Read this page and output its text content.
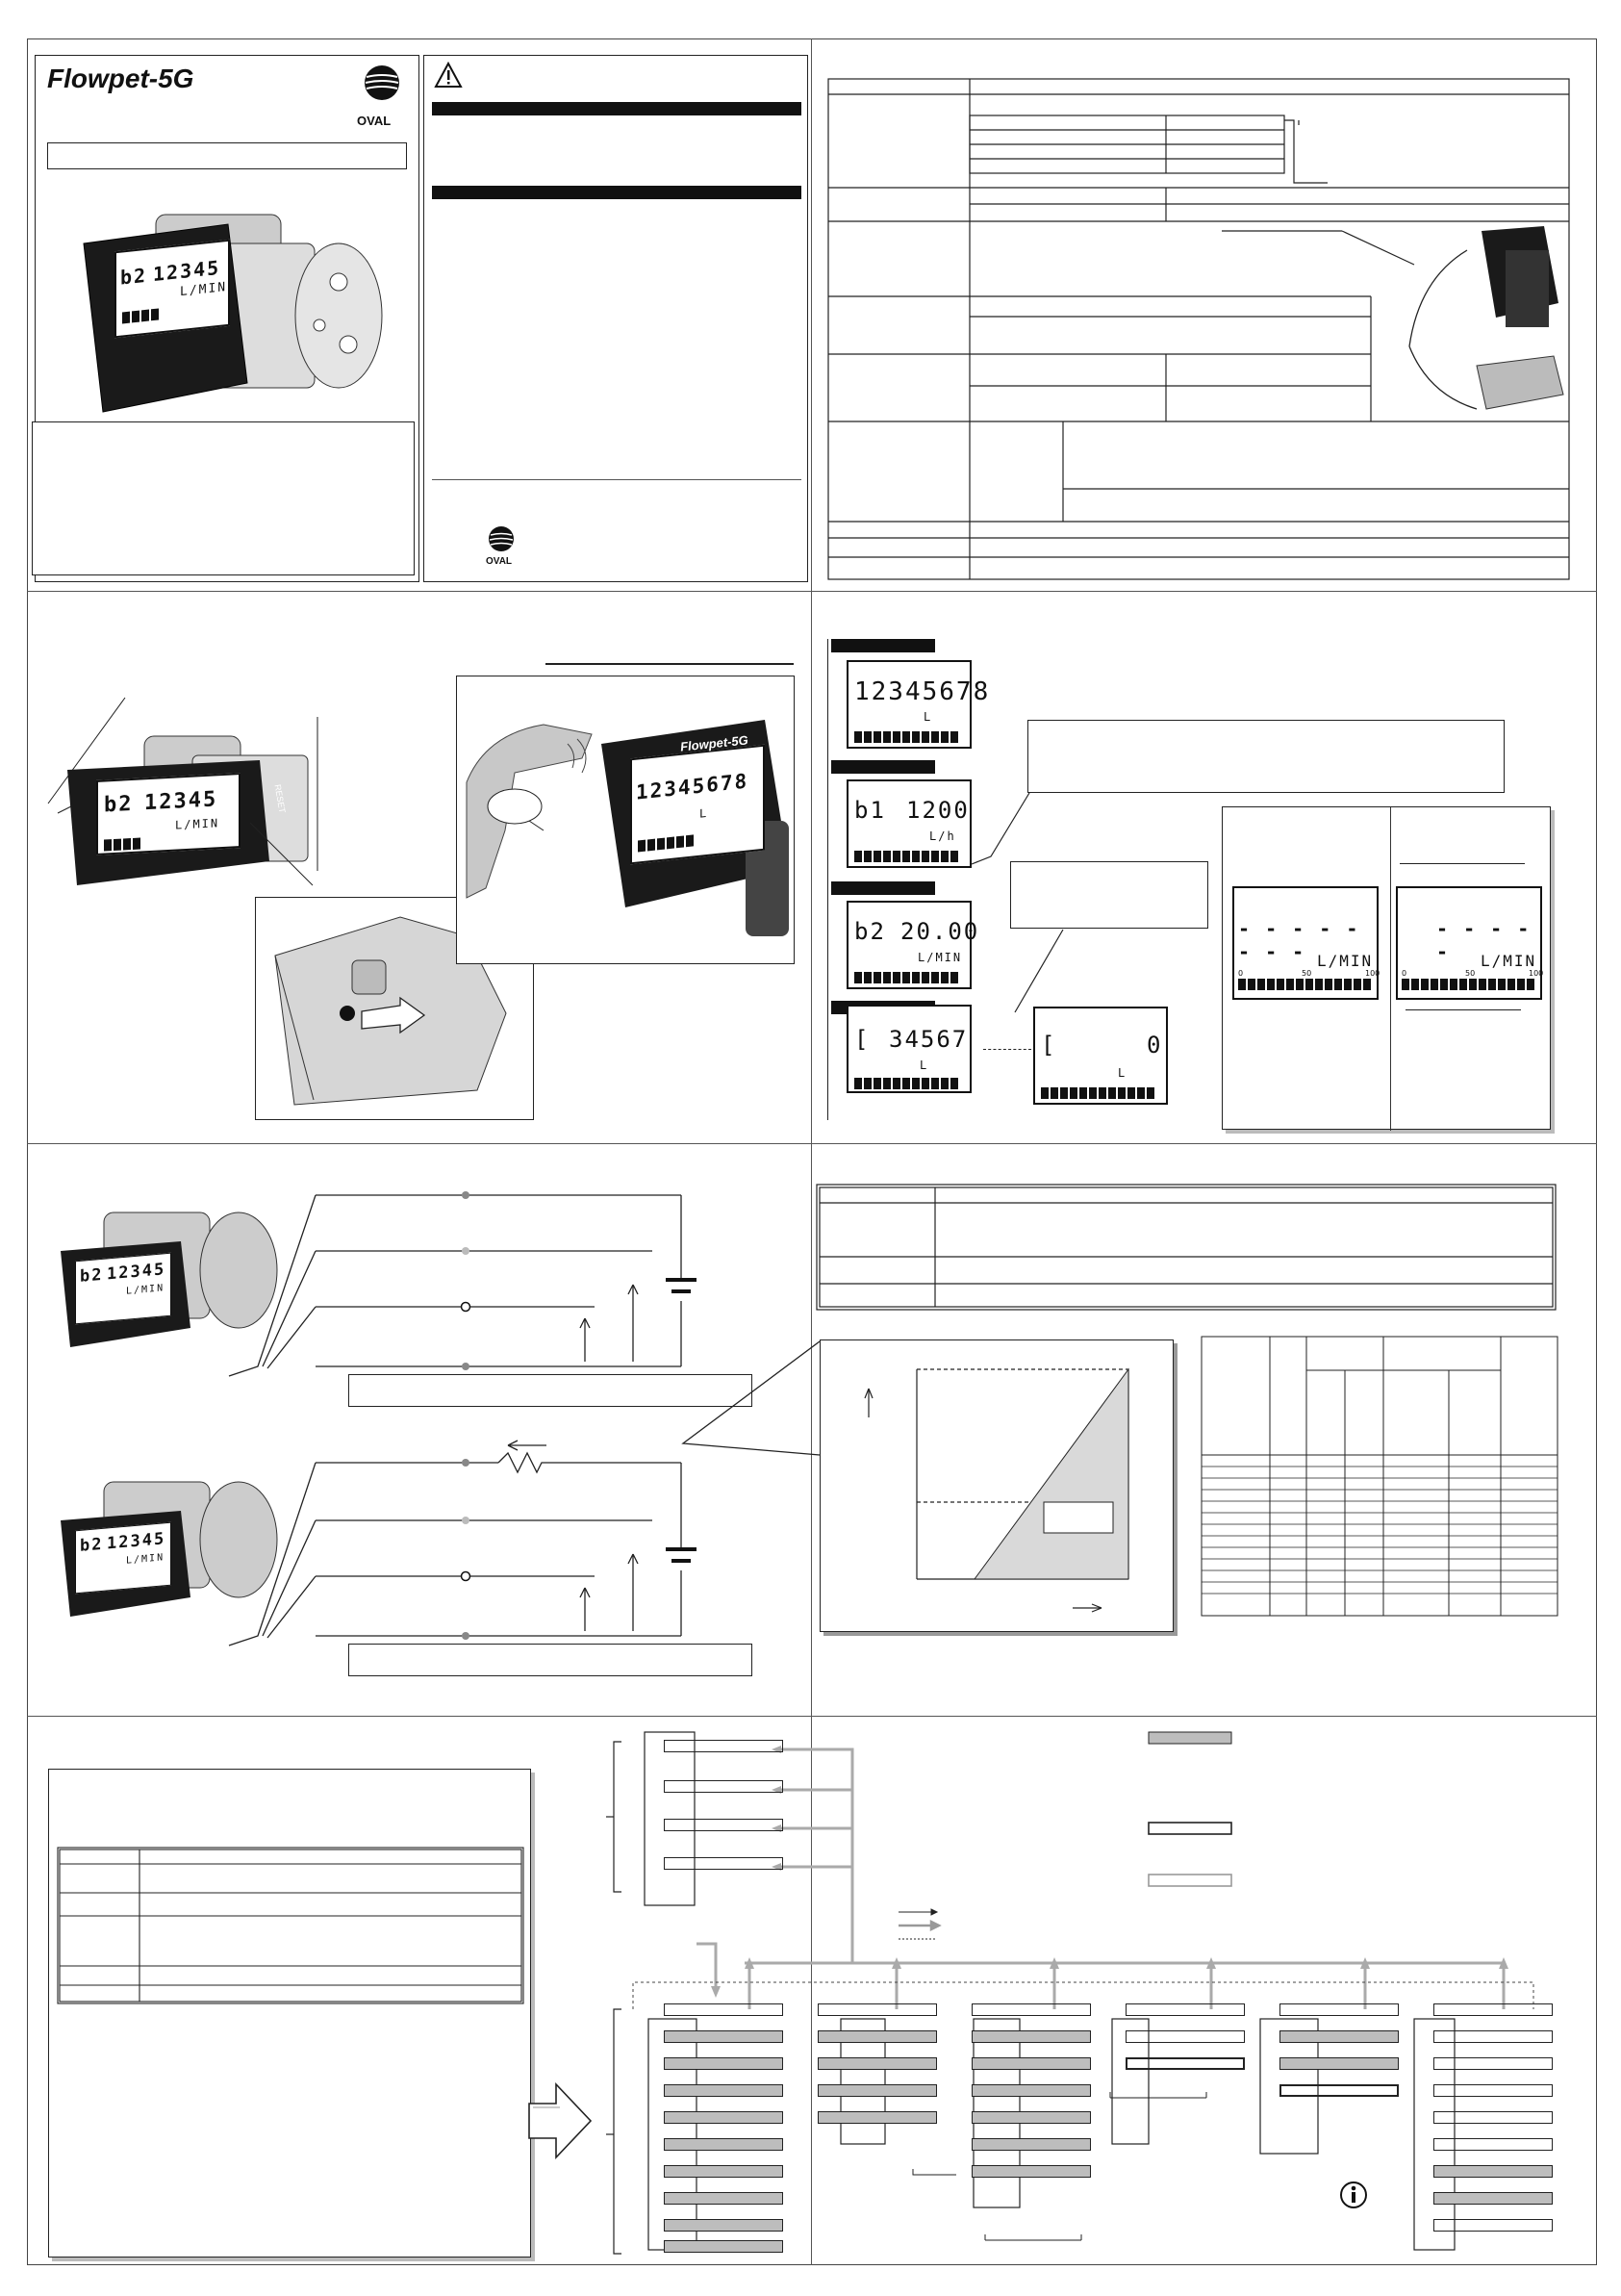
Flowpet-5G
OVAL
b2 12345
L/MIN
OVAL
b2 12345
L/MIN
RESET	12345678
L
Flowpet-5G
12345678
L
b1 1200
L/h
b2 20.00
L/MIN
[ 34567
L
[	0
L
- - - - - - - - L/MIN
0	50	100
- - - - -	L/MIN
0	50	100
b2 12345
L/MIN
b2 12345
L/MIN
